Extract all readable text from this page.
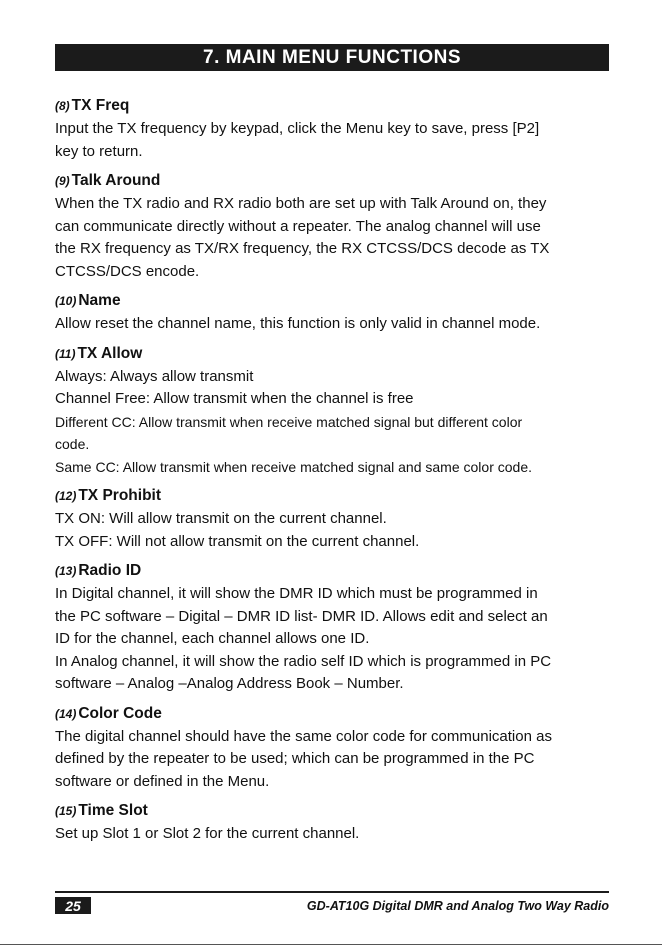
7. MAIN MENU FUNCTIONS
(8) TX Freq
Input the TX frequency by keypad, click the Menu key to save, press [P2]
key to return.
(9) Talk Around
When the TX radio and RX radio both are set up with Talk Around on, they
can communicate directly without a repeater. The analog channel will use
the RX frequency as TX/RX frequency, the RX CTCSS/DCS decode as TX
CTCSS/DCS encode.
(10) Name
Allow reset the channel name, this function is only valid in channel mode.
(11) TX Allow
Always: Always allow transmit
Channel Free: Allow transmit when the channel is free
Different CC: Allow transmit when receive matched signal but different color
code.
Same CC: Allow transmit when receive matched signal and same color code.
(12) TX Prohibit
TX ON: Will allow transmit on the current channel.
TX OFF: Will not allow transmit on the current channel.
(13) Radio ID
In Digital channel, it will show the DMR ID which must be programmed in
the PC software – Digital – DMR ID list- DMR ID. Allows edit and select an
ID for the channel, each channel allows one ID.
In Analog channel, it will show the radio self ID which is programmed in PC
software – Analog –Analog Address Book – Number.
(14) Color Code
The digital channel should have the same color code for communication as
defined by the repeater to be used; which can be programmed in the PC
software or defined in the Menu.
(15) Time Slot
Set up Slot 1 or Slot 2 for the current channel.
25	GD-AT10G Digital DMR and Analog Two Way Radio
